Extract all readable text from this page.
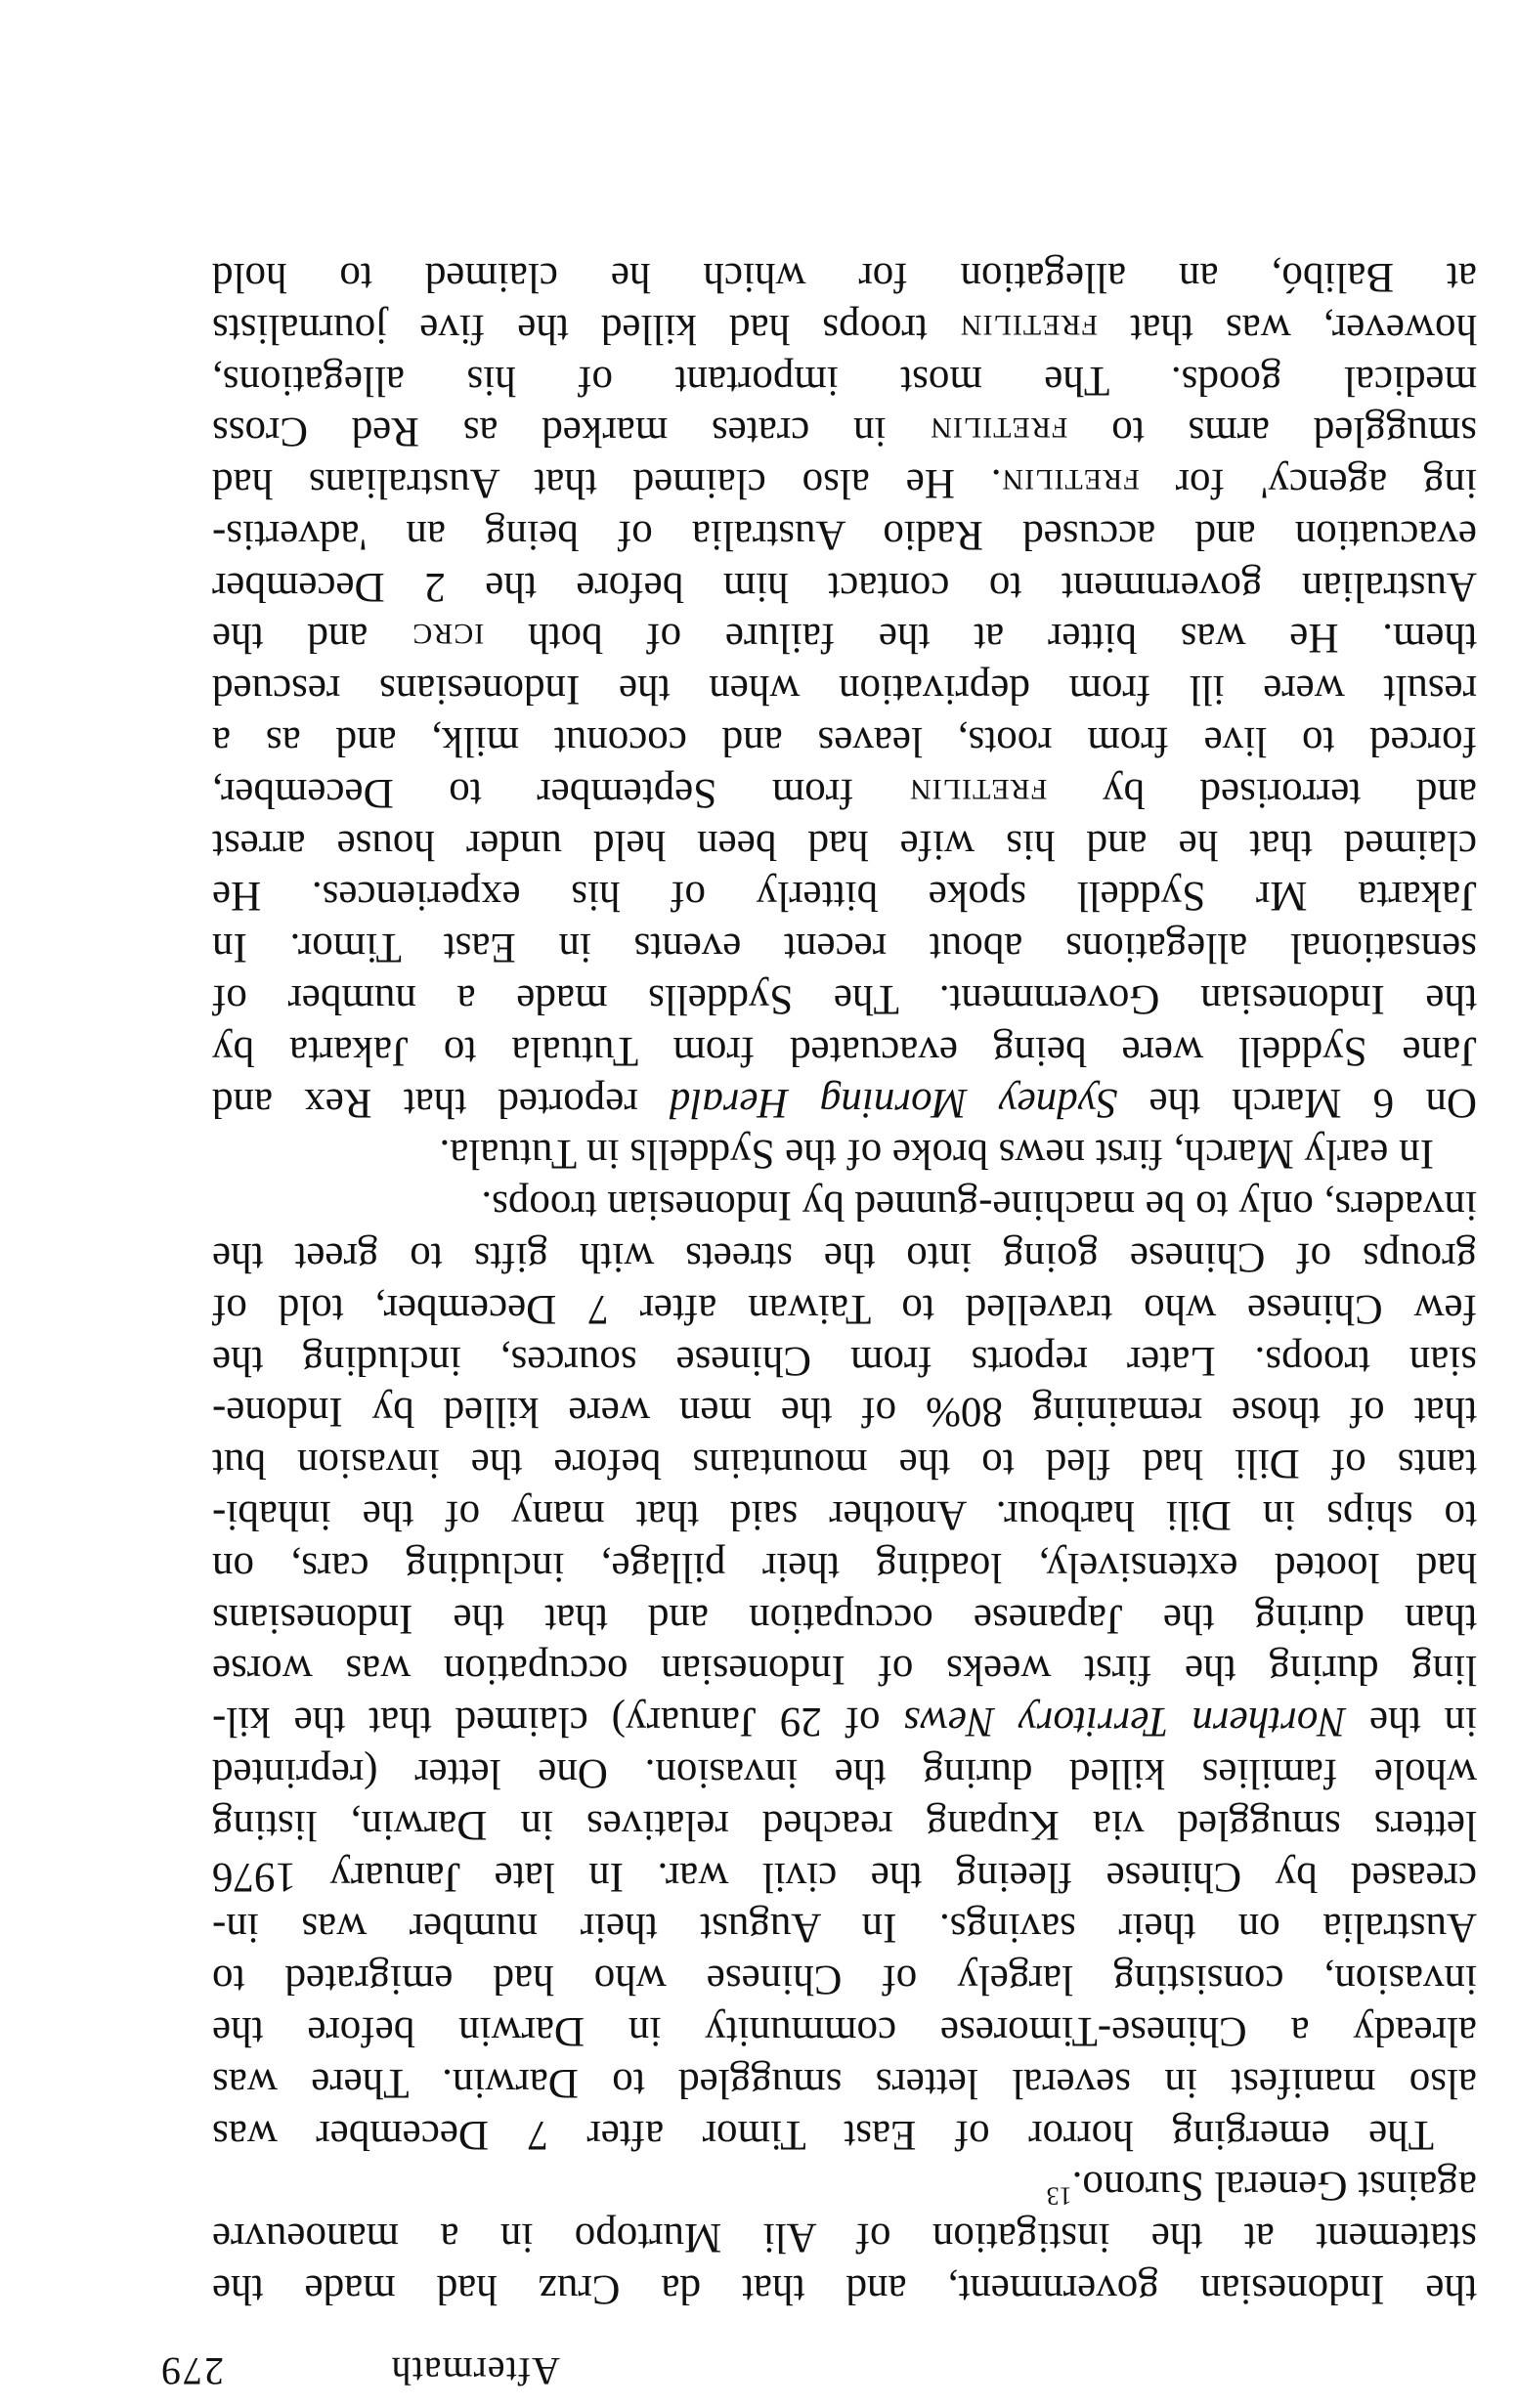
Aftermath
279
the Indonesian government, and that da Cruz had made the
statement at the instigation of Ali Murtopo in a manoeuvre
against General Surono.$^{13}$
The emerging horror of East Timor after 7 December was
also manifest in several letters smuggled to Darwin. There was
already a Chinese-Timorese community in Darwin before the
invasion, consisting largely of Chinese who had emigrated to
Australia on their savings. In August their number was in-
creased by Chinese fleeing the civil war. In late January 1976
letters smuggled via Kupang reached relatives in Darwin, listing
whole families killed during the invasion. One letter (reprinted
in the Northern Territory News of 29 January) claimed that the kil-
ling during the first weeks of Indonesian occupation was worse
than during the Japanese occupation and that the Indonesians
had looted extensively, loading their pillage, including cars, on
to ships in Dili harbour. Another said that many of the inhabi-
tants of Dili had fled to the mountains before the invasion but
that of those remaining 80% of the men were killed by Indone-
sian troops. Later reports from Chinese sources, including the
few Chinese who travelled to Taiwan after 7 December, told of
groups of Chinese going into the streets with gifts to greet the
invaders, only to be machine-gunned by Indonesian troops.
In early March, first news broke of the Syddells in Tutuala.
On 6 March the Sydney Morning Herald reported that Rex and
Jane Syddell were being evacuated from Tutuala to Jakarta by
the Indonesian Government. The Syddells made a number of
sensational allegations about recent events in East Timor. In
Jakarta Mr Syddell spoke bitterly of his experiences. He
claimed that he and his wife had been held under house arrest
and terrorised by fretilin from September to December,
forced to live from roots, leaves and coconut milk, and as a
result were ill from deprivation when the Indonesians rescued
them. He was bitter at the failure of both icrc and the
Australian government to contact him before the 2 December
evacuation and accused Radio Australia of being an 'advertis-
ing agency' for fretilin. He also claimed that Australians had
smuggled arms to fretilin in crates marked as Red Cross
medical goods. The most important of his allegations,
however, was that fretilin troops had killed the five journalists
at Balibó, an allegation for which he claimed to hold
